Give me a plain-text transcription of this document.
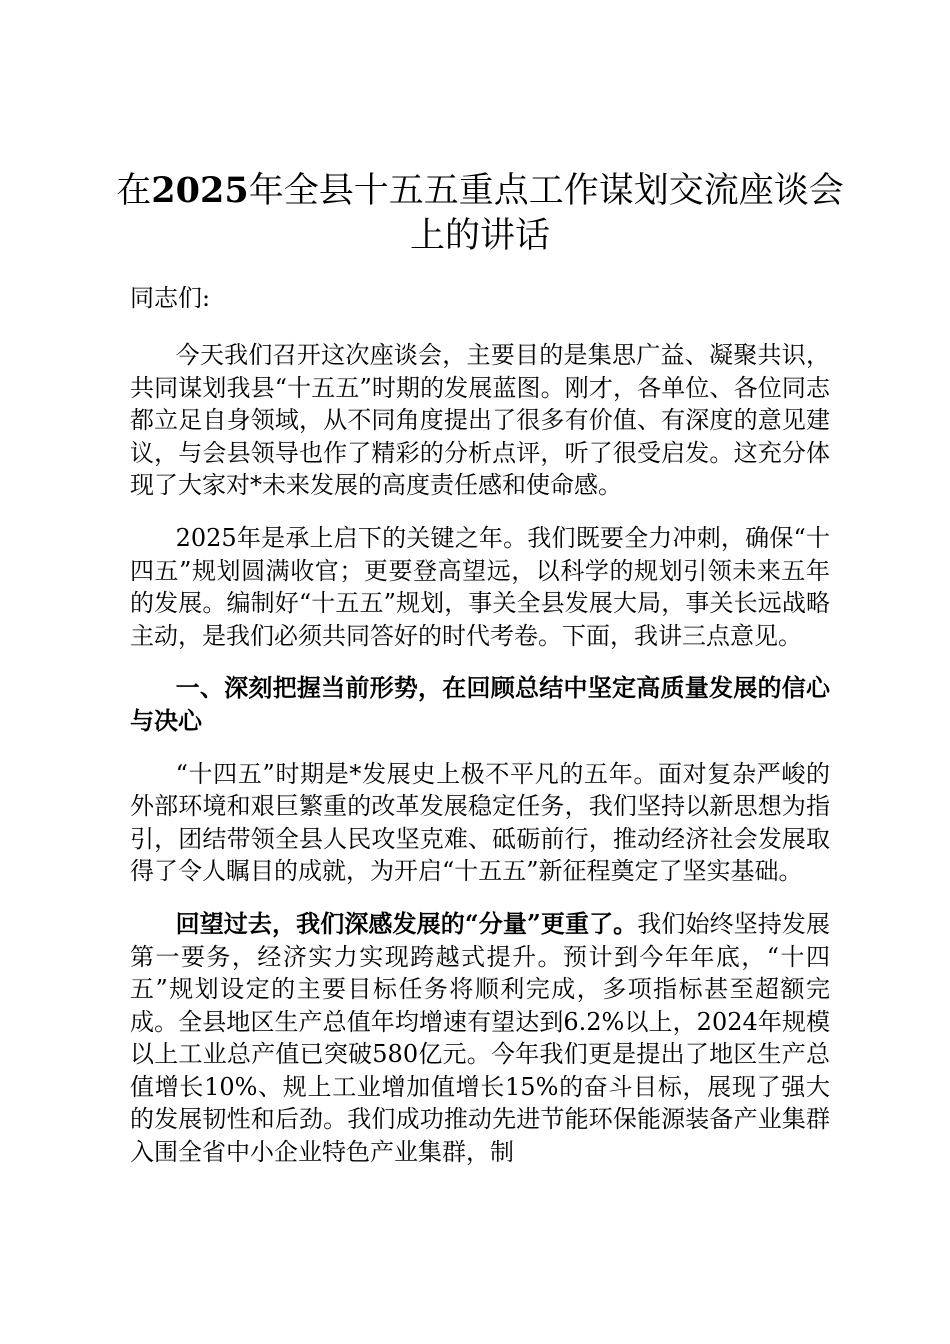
在2025年全县十五五重点工作谋划交流座谈会上的讲话

同志们:

今天我们召开这次座谈会，主要目的是集思广益、凝聚共识，共同谋划我县“十五五”时期的发展蓝图。刚才，各单位、各位同志都立足自身领域，从不同角度提出了很多有价值、有深度的意见建议，与会县领导也作了精彩的分析点评，听了很受启发。这充分体现了大家对*未来发展的高度责任感和使命感。

2025年是承上启下的关键之年。我们既要全力冲刺，确保“十四五”规划圆满收官；更要登高望远，以科学的规划引领未来五年的发展。编制好“十五五”规划，事关全县发展大局，事关长远战略主动，是我们必须共同答好的时代考卷。下面，我讲三点意见。

一、深刻把握当前形势，在回顾总结中坚定高质量发展的信心与决心

“十四五”时期是*发展史上极不平凡的五年。面对复杂严峻的外部环境和艰巨繁重的改革发展稳定任务，我们坚持以新思想为指引，团结带领全县人民攻坚克难、砥砺前行，推动经济社会发展取得了令人瞩目的成就，为开启“十五五”新征程奠定了坚实基础。

回望过去，我们深感发展的“分量”更重了。我们始终坚持发展第一要务，经济实力实现跨越式提升。预计到今年年底，“十四五”规划设定的主要目标任务将顺利完成，多项指标甚至超额完成。全县地区生产总值年均增速有望达到6.2%以上，2024年规模以上工业总产值已突破580亿元。今年我们更是提出了地区生产总值增长10%、规上工业增加值增长15%的奋斗目标，展现了强大的发展韧性和后劲。我们成功推动先进节能环保能源装备产业集群入围全省中小企业特色产业集群，制
